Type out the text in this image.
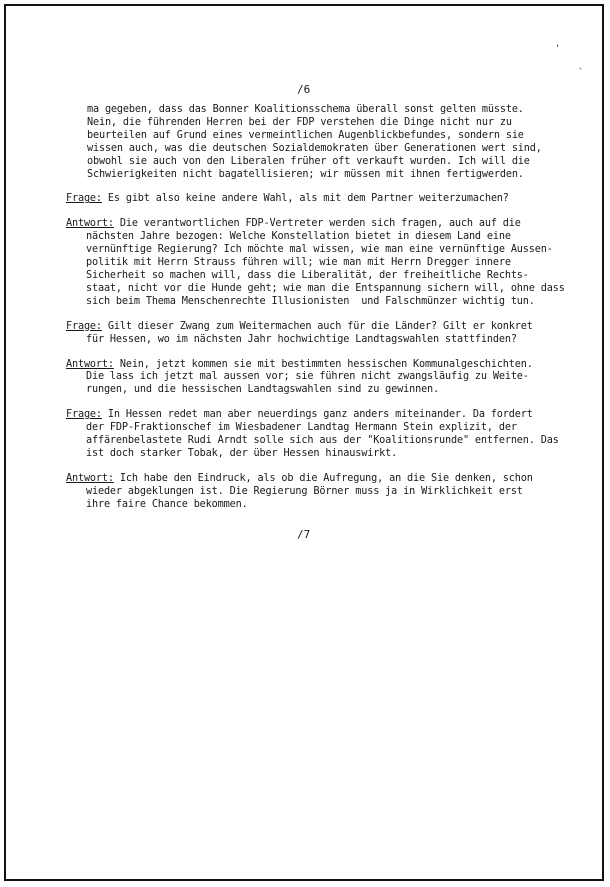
'
`
/6
ma gegeben, dass das Bonner Koalitionsschema überall sonst gelten müsste.
Nein, die führenden Herren bei der FDP verstehen die Dinge nicht nur zu
beurteilen auf Grund eines vermeintlichen Augenblickbefundes, sondern sie
wissen auch, was die deutschen Sozialdemokraten über Generationen wert sind,
obwohl sie auch von den Liberalen früher oft verkauft wurden. Ich will die
Schwierigkeiten nicht bagatellisieren; wir müssen mit ihnen fertigwerden.
Frage: Es gibt also keine andere Wahl, als mit dem Partner weiterzumachen?
Antwort: Die verantwortlichen FDP-Vertreter werden sich fragen, auch auf die
nächsten Jahre bezogen: Welche Konstellation bietet in diesem Land eine
vernünftige Regierung? Ich möchte mal wissen, wie man eine vernünftige Aussen-
politik mit Herrn Strauss führen will; wie man mit Herrn Dregger innere
Sicherheit so machen will, dass die Liberalität, der freiheitliche Rechts-
staat, nicht vor die Hunde geht; wie man die Entspannung sichern will, ohne dass
sich beim Thema Menschenrechte Illusionisten  und Falschmünzer wichtig tun.
Frage: Gilt dieser Zwang zum Weitermachen auch für die Länder? Gilt er konkret
für Hessen, wo im nächsten Jahr hochwichtige Landtagswahlen stattfinden?
Antwort: Nein, jetzt kommen sie mit bestimmten hessischen Kommunalgeschichten.
Die lass ich jetzt mal aussen vor; sie führen nicht zwangsläufig zu Weite-
rungen, und die hessischen Landtagswahlen sind zu gewinnen.
Frage: In Hessen redet man aber neuerdings ganz anders miteinander. Da fordert
der FDP-Fraktionschef im Wiesbadener Landtag Hermann Stein explizit, der
affärenbelastete Rudi Arndt solle sich aus der "Koalitionsrunde" entfernen. Das
ist doch starker Tobak, der über Hessen hinauswirkt.
Antwort: Ich habe den Eindruck, als ob die Aufregung, an die Sie denken, schon
wieder abgeklungen ist. Die Regierung Börner muss ja in Wirklichkeit erst
ihre faire Chance bekommen.
/7
